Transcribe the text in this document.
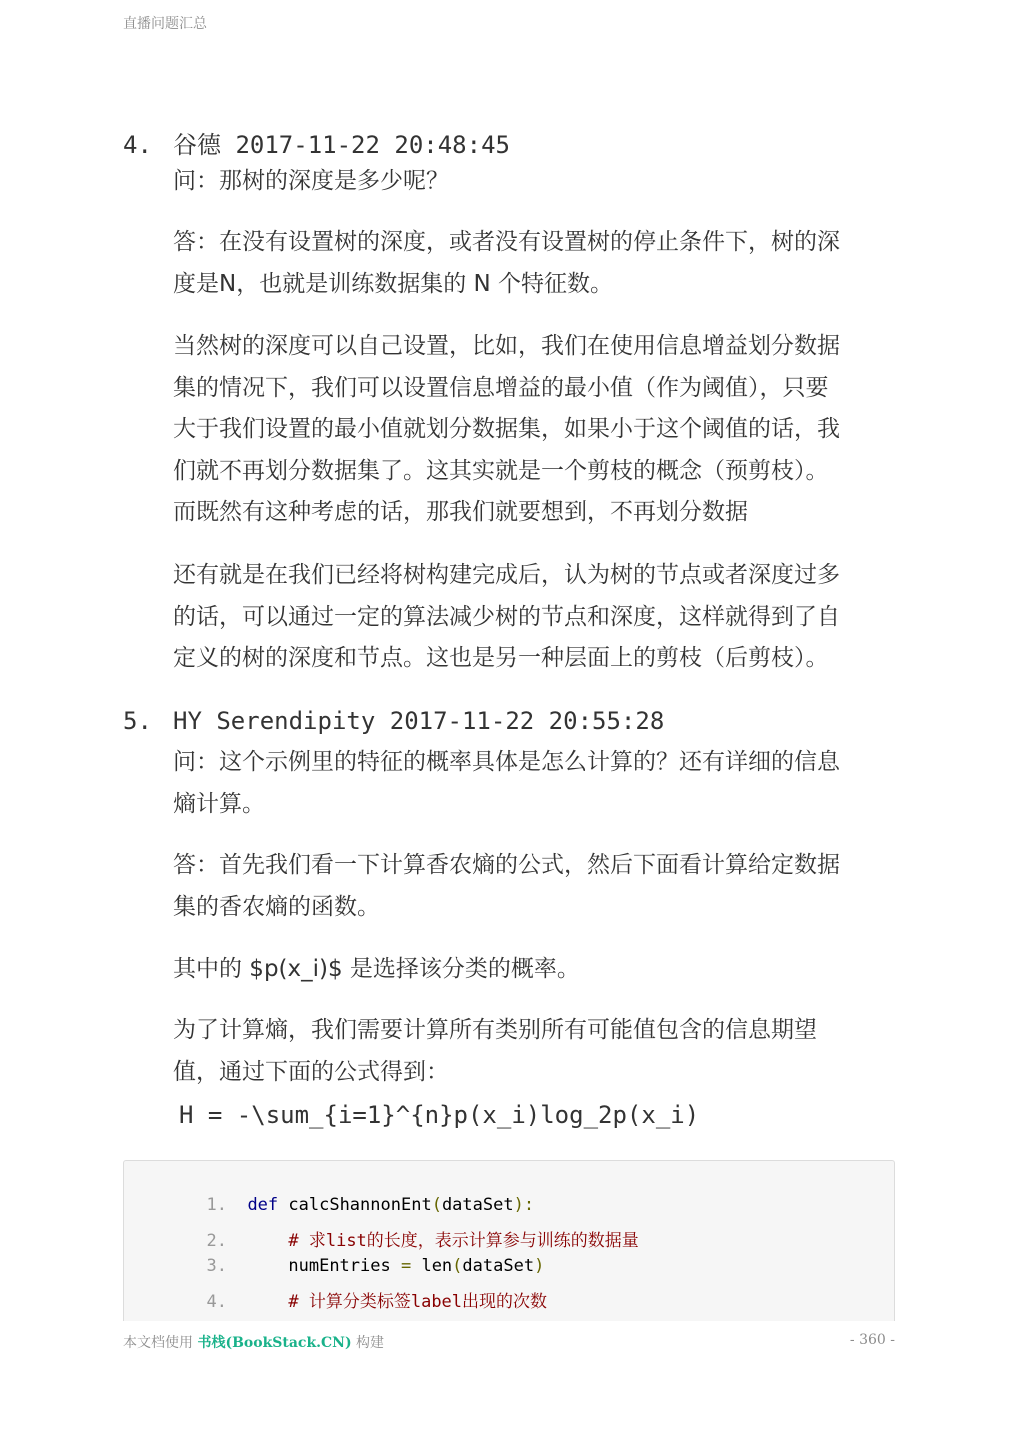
直播问题汇总
4. 谷德 2017-11-22 20:48:45
问：那树的深度是多少呢？
答：在没有设置树的深度，或者没有设置树的停止条件下，树的深
度是N，也就是训练数据集的 N 个特征数。
当然树的深度可以自己设置，比如，我们在使用信息增益划分数据
集的情况下，我们可以设置信息增益的最小值（作为阈值），只要
大于我们设置的最小值就划分数据集，如果小于这个阈值的话，我
们就不再划分数据集了。这其实就是一个剪枝的概念（预剪枝）。
而既然有这种考虑的话，那我们就要想到，不再划分数据
还有就是在我们已经将树构建完成后，认为树的节点或者深度过多
的话，可以通过一定的算法减少树的节点和深度，这样就得到了自
定义的树的深度和节点。这也是另一种层面上的剪枝（后剪枝）。
5. HY Serendipity 2017-11-22 20:55:28
问：这个示例里的特征的概率具体是怎么计算的？还有详细的信息
熵计算。
答：首先我们看一下计算香农熵的公式，然后下面看计算给定数据
集的香农熵的函数。
其中的 $p(x_i)$ 是选择该分类的概率。
为了计算熵，我们需要计算所有类别所有可能值包含的信息期望
值，通过下面的公式得到：
H = -\sum_{i=1}^{n}p(x_i)log_2p(x_i)

1. def calcShannonEnt(dataSet):

2.      # 求list的长度，表示计算参与训练的数据量

3.      numEntries = len(dataSet)

4.      # 计算分类标签label出现的次数

本文档使用 书栈(BookStack.CN) 构建	- 360 -
